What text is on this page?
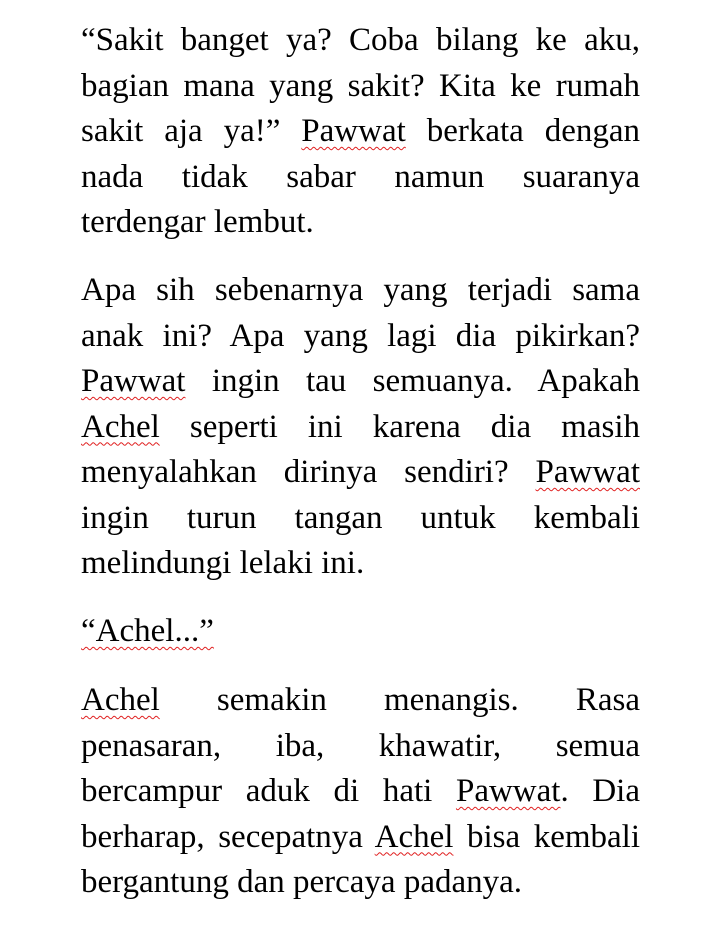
“Sakit banget ya? Coba bilang ke aku,
bagian mana yang sakit? Kita ke rumah
sakit aja ya!” Pawwat berkata dengan
nada tidak sabar namun suaranya
terdengar lembut.
Apa sih sebenarnya yang terjadi sama
anak ini? Apa yang lagi dia pikirkan?
Pawwat ingin tau semuanya. Apakah
Achel seperti ini karena dia masih
menyalahkan dirinya sendiri? Pawwat
ingin turun tangan untuk kembali
melindungi lelaki ini.
“Achel...”
Achel semakin menangis. Rasa
penasaran, iba, khawatir, semua
bercampur aduk di hati Pawwat. Dia
berharap, secepatnya Achel bisa kembali
bergantung dan percaya padanya.
